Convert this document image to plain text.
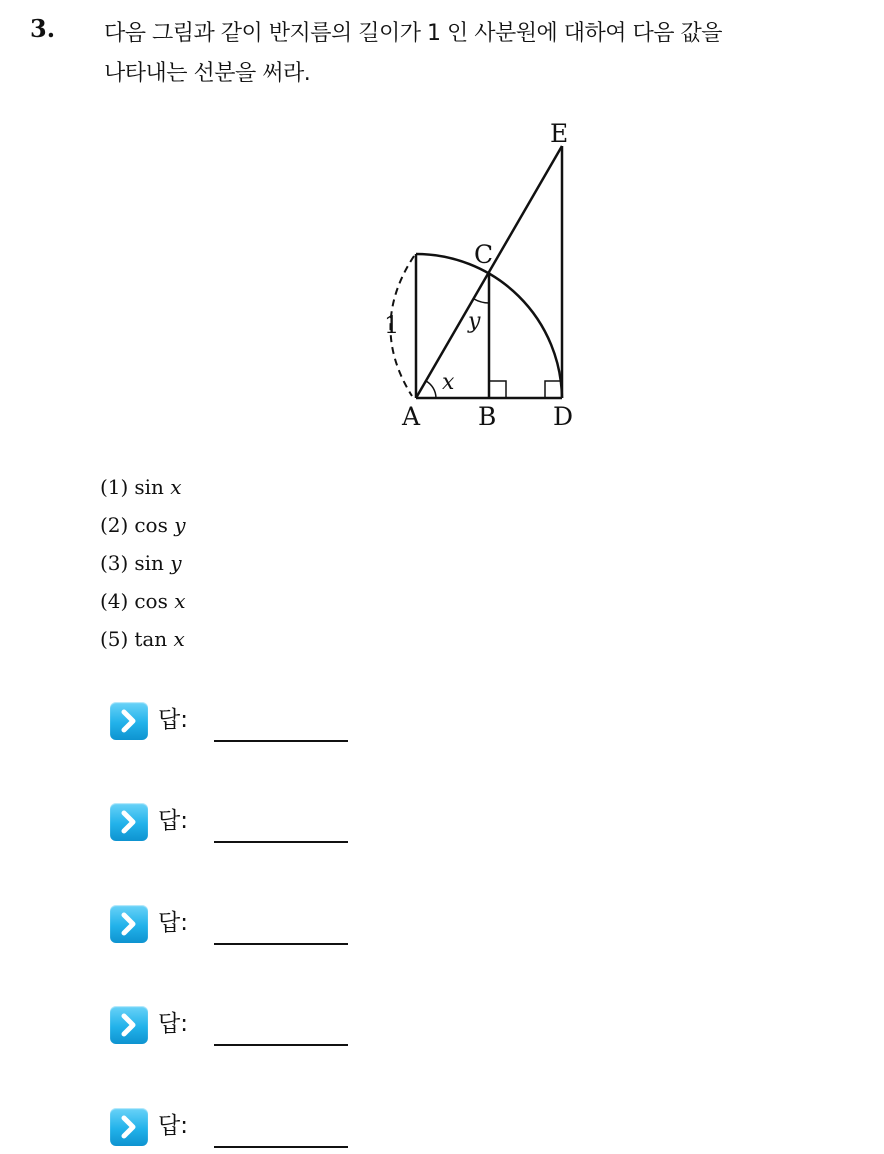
3. 다음 그림과 같이 반지름의 길이가 1 인 사분원에 대하여 다음 값을
나타내는 선분을 써라.
E
C
A B D
1
x
y
(1) sin x
(2) cos y
(3) sin y
(4) cos x
(5) tan x
답:
답:
답:
답:
답:
